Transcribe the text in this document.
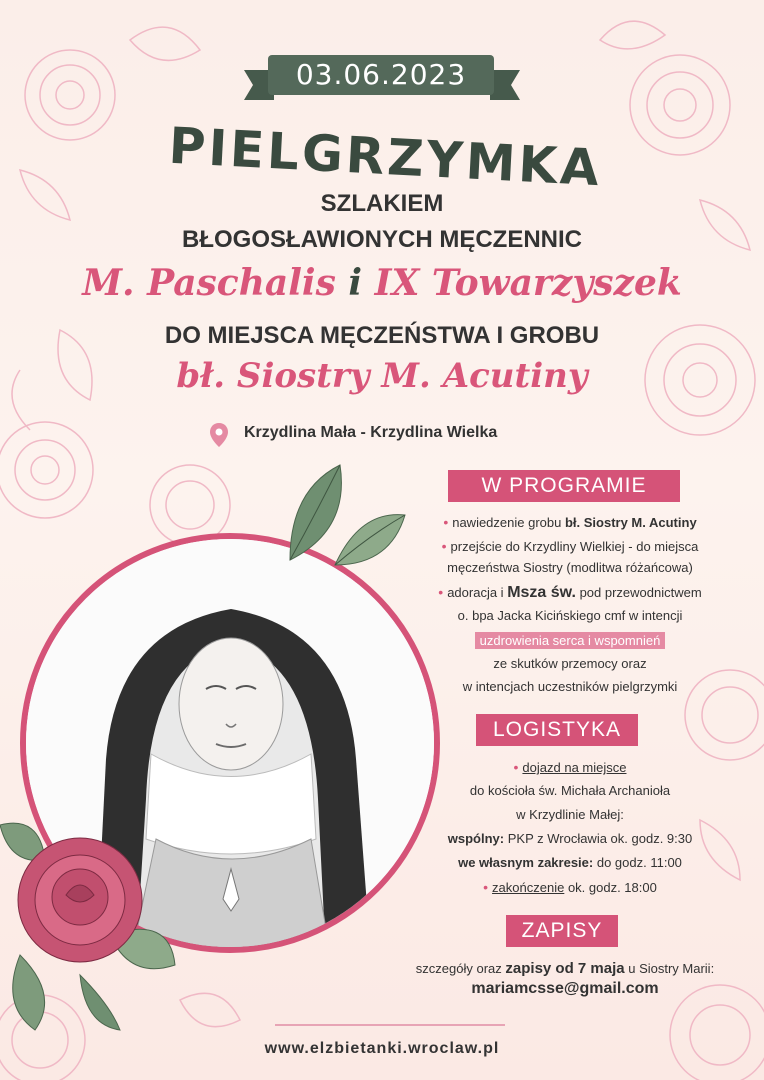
03.06.2023
PIELGRZYMKA
SZLAKIEM
BŁOGOSŁAWIONYCH MĘCZENNIC
M. Paschalis i IX Towarzyszek
DO MIEJSCA MĘCZEŃSTWA I GROBU
bł. Siostry M. Acutiny
Krzydlina Mała - Krzydlina Wielka
W PROGRAMIE
• nawiedzenie grobu bł. Siostry M. Acutiny
• przejście do Krzydliny Wielkiej - do miejsca
męczeństwa Siostry (modlitwa różańcowa)
• adoracja i Msza św. pod przewodnictwem
o. bpa Jacka Kicińskiego cmf w intencji
uzdrowienia serca i wspomnień
ze skutków przemocy oraz
w intencjach uczestników pielgrzymki
LOGISTYKA
• dojazd na miejsce
do kościoła św. Michała Archanioła
w Krzydlinie Małej:
wspólny: PKP z Wrocławia ok. godz. 9:30
we własnym zakresie: do godz. 11:00
• zakończenie ok. godz. 18:00
ZAPISY
szczegóły oraz zapisy od 7 maja u Siostry Marii:
mariamcsse@gmail.com
www.elzbietanki.wroclaw.pl
